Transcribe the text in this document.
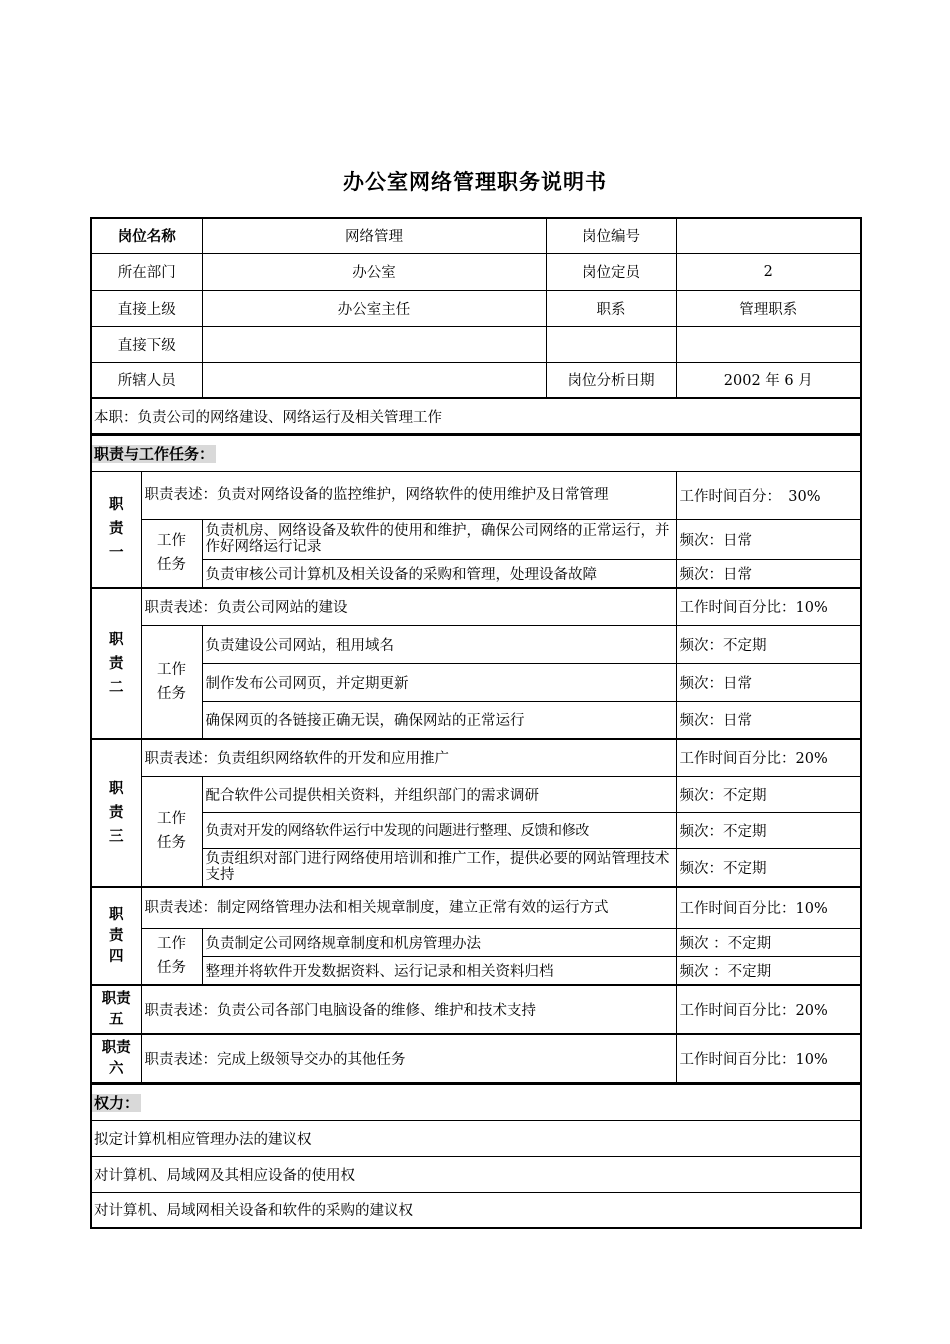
办公室网络管理职务说明书
岗位名称	网络管理	岗位编号	
所在部门	办公室	岗位定员	2
直接上级	办公室主任	职系	管理职系
直接下级			
所辖人员		岗位分析日期	2002 年 6 月
本职：负责公司的网络建设、网络运行及相关管理工作			
职责与工作任务：			

职
责
一	职责表述：负责对网络设备的监控维护，网络软件的使用维护及日常管理		工作时间百分：　30%

	工作
任务	负责机房、网络设备及软件的使用和维护，确保公司网络的正常运行，并作好网络运行记录	频次：日常
		负责审核公司计算机及相关设备的采购和管理，处理设备故障	频次：日常

职
责
二	职责表述：负责公司网站的建设		工作时间百分比：10%

	工作
任务	负责建设公司网站，租用域名	频次：不定期
		制作发布公司网页，并定期更新	频次：日常
		确保网页的各链接正确无误，确保网站的正常运行	频次：日常

职
责
三	职责表述：负责组织网络软件的开发和应用推广		工作时间百分比：20%

	工作
任务	配合软件公司提供相关资料，并组织部门的需求调研	频次：不定期
		负责对开发的网络软件运行中发现的问题进行整理、反馈和修改	频次：不定期
		负责组织对部门进行网络使用培训和推广工作，提供必要的网站管理技术支持	频次：不定期

职
责
四	职责表述：制定网络管理办法和相关规章制度，建立正常有效的运行方式		工作时间百分比：10%

	工作
任务	负责制定公司网络规章制度和机房管理办法	频次 ：不定期
		整理并将软件开发数据资料、运行记录和相关资料归档	频次 ：不定期

职责
五	职责表述：负责公司各部门电脑设备的维修、维护和技术支持		工作时间百分比：20%

职责
六	职责表述：完成上级领导交办的其他任务		工作时间百分比：10%
权力：
拟定计算机相应管理办法的建议权
对计算机、局域网及其相应设备的使用权
对计算机、局域网相关设备和软件的采购的建议权
